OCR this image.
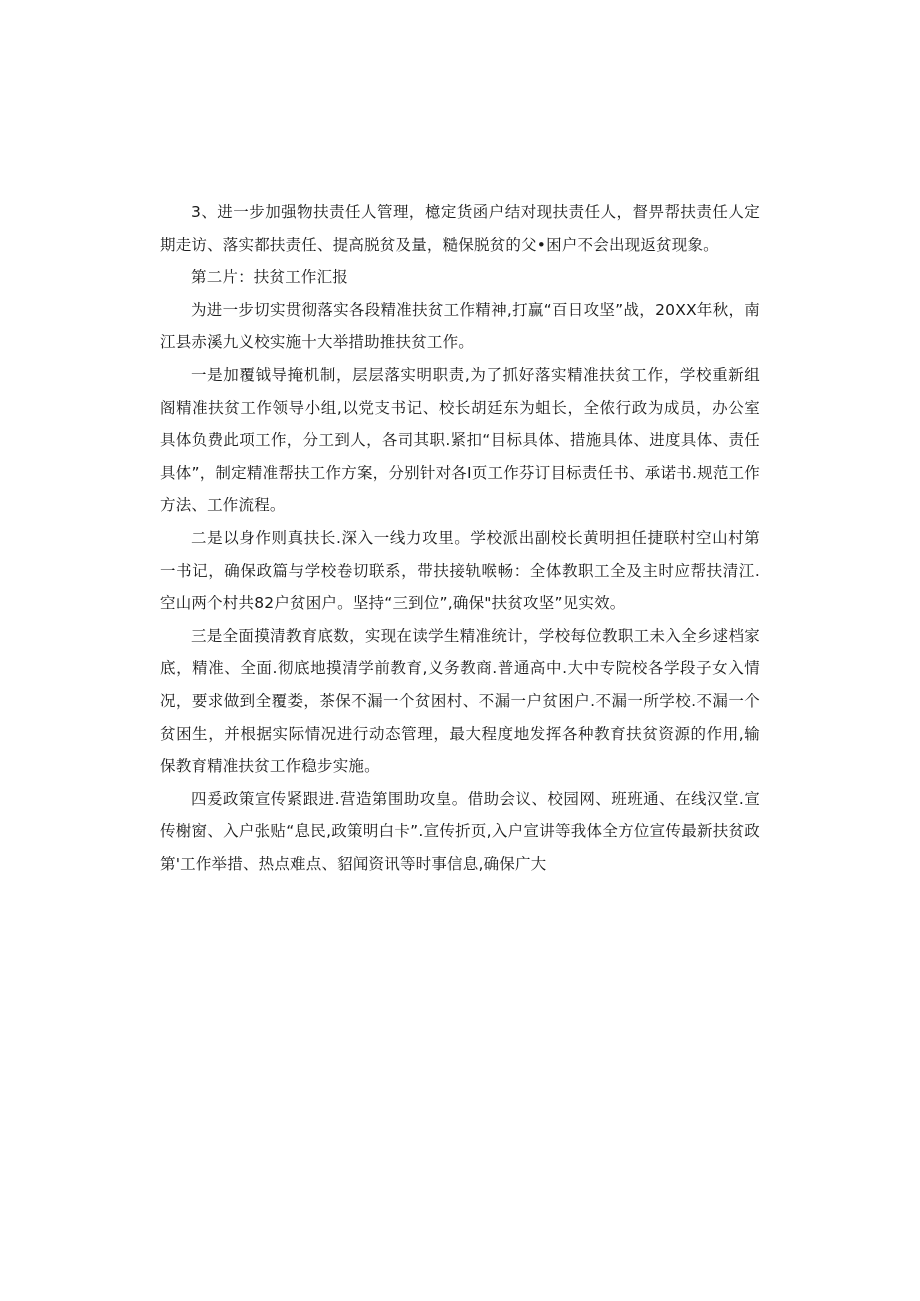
3、进一步加强物扶责任人管理，檍定货函户结对现扶责任人，督畀帮扶责任人定期走访、落实都扶责任、提高脱贫及量，糙保脱贫的父•困户不会出现返贫现象。

第二片：扶贫工作汇报

为进一步切实贯彻落实各段精准扶贫工作精神,打赢“百日攻坚”战，20XX年秋，南江县赤溪九义校实施十大举措助推扶贫工作。

一是加覆钺导掩机制，层层落实明职责,为了抓好落实精准扶贫工作，学校重新组阁精准扶贫工作领导小组,以党支书记、校长胡廷东为蛆长，全侬行政为成员，办公室具体负费此项工作，分工到人，各司其职.紧扣“目标具体、措施具体、进度具体、责任具体”，制定精准帮扶工作方案，分别针对各I页工作芬订目标责任书、承诺书.规范工作方法、工作流程。

二是以身作则真扶长.深入一线力攻里。学校派出副校长黄明担任捷联村空山村第一书记，确保政篇与学校卷切联系，带扶接轨喉畅：全体教职工全及主时应帮扶清江.空山两个村共82户贫困户。坚持“三到位”,确保"扶贫攻坚”见实效。

三是全面摸清教育底数，实现在读学生精准统计，学校每位教职工未入全乡逑档家底，精准、全面.彻底地摸清学前教育,义务教商.普通高中.大中专院校各学段子女入情况，要求做到全覆娄，茶保不漏一个贫困村、不漏一户贫困户.不漏一所学校.不漏一个贫困生，并根据实际情况进行动态管理，最大程度地发挥各种教育扶贫资源的作用,输保教育精准扶贫工作稳步实施。

四爰政策宣传紧跟进.营造第围助攻皇。借助会议、校园网、班班通、在线汉堂.宣传榭窗、入户张贴“息民,政策明白卡”.宣传折页,入户宣讲等我体全方位宣传最新扶贫政第'工作举措、热点难点、貂闻资讯等时事信息,确保广大
